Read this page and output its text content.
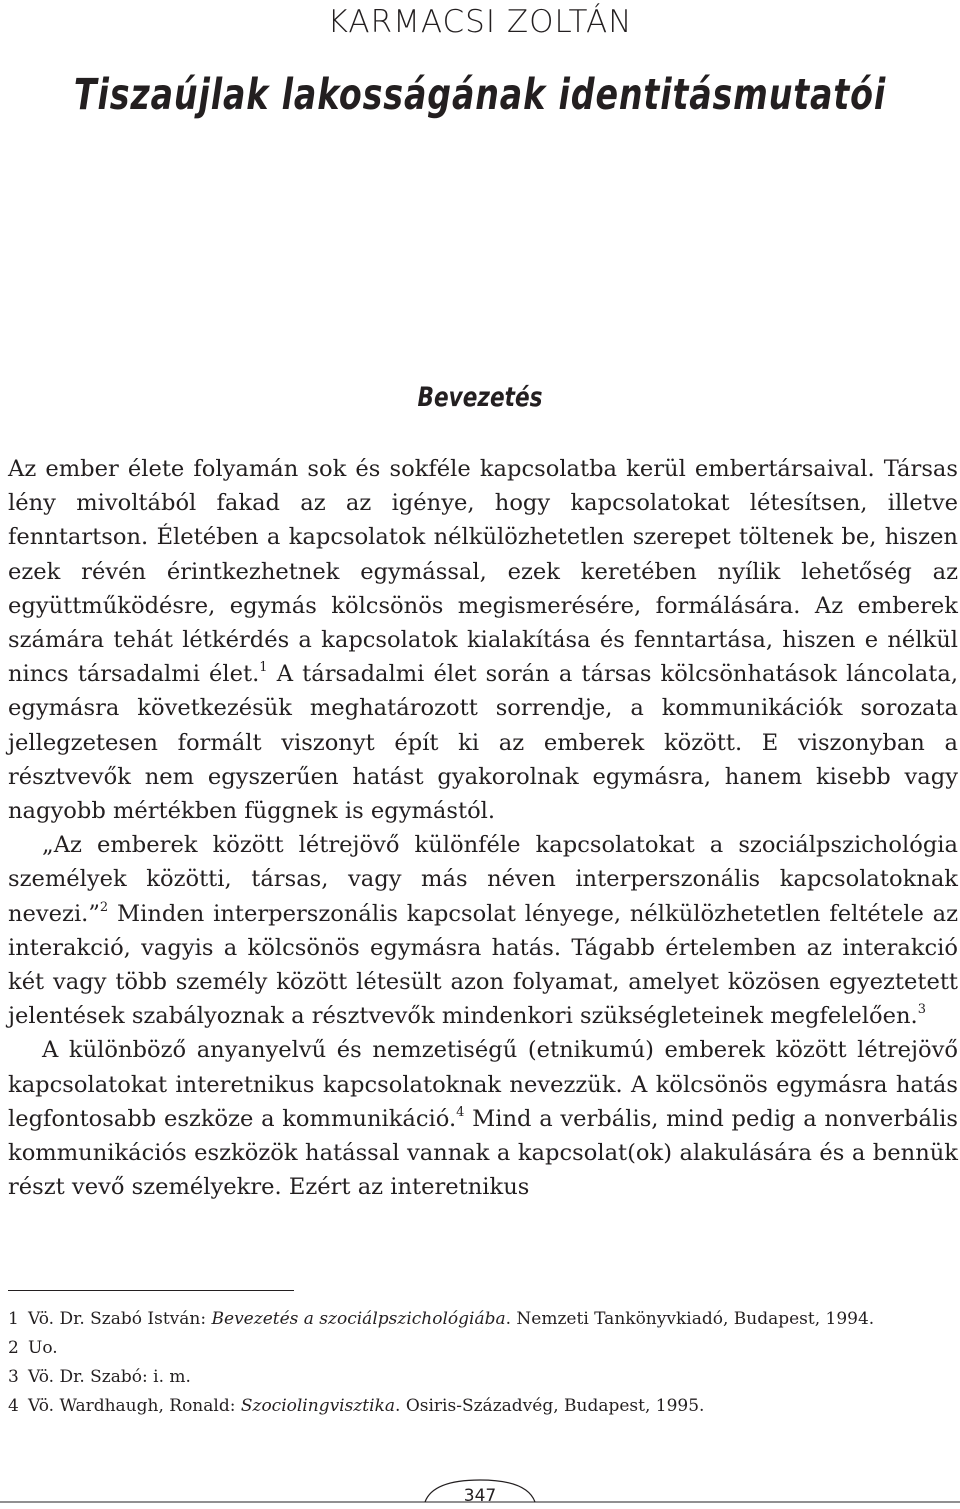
KARMACSI ZOLTÁN
Tiszaújlak lakosságának identitásmutatói
Bevezetés

Az ember élete folyamán sok és sokféle kapcsolatba kerül embertársaival. Társas lény mivoltából fakad az az igénye, hogy kapcsolatokat létesítsen, illetve fenntartson. Életében a kapcsolatok nélkülözhetetlen szerepet töltenek be, hiszen ezek révén érintkezhetnek egymással, ezek keretében nyílik lehetőség az együttműködésre, egymás kölcsönös megismerésére, formálására. Az emberek számára tehát létkérdés a kapcsolatok kialakítása és fenntartása, hiszen e nélkül nincs társadalmi élet.$^1$ A társadalmi élet során a társas kölcsönhatások láncolata, egymásra következésük meghatározott sorrendje, a kommunikációk sorozata jellegzetesen formált viszonyt épít ki az emberek között. E viszonyban a résztvevők nem egyszerűen hatást gyakorolnak egymásra, hanem kisebb vagy nagyobb mértékben függnek is egymástól.

„Az emberek között létrejövő különféle kapcsolatokat a szociálpszichológia személyek közötti, társas, vagy más néven interperszonális kapcsolatoknak nevezi.”$^2$ Minden interperszonális kapcsolat lényege, nélkülözhetetlen feltétele az interakció, vagyis a kölcsönös egymásra hatás. Tágabb értelemben az interakció két vagy több személy között létesült azon folyamat, amelyet közösen egyeztetett jelentések szabályoznak a résztvevők mindenkori szükségleteinek megfelelően.$^3$

A különböző anyanyelvű és nemzetiségű (etnikumú) emberek között létrejövő kapcsolatokat interetnikus kapcsolatoknak nevezzük. A kölcsönös egymásra hatás legfontosabb eszköze a kommunikáció.$^4$ Mind a verbális, mind pedig a nonverbális kommunikációs eszközök hatással vannak a kapcsolat(ok) alakulására és a bennük részt vevő személyekre. Ezért az interetnikus

1 Vö. Dr. Szabó István: Bevezetés a szociálpszichológiába. Nemzeti Tankönyvkiadó, Budapest, 1994.
2 Uo.
3 Vö. Dr. Szabó: i. m.
4 Vö. Wardhaugh, Ronald: Szociolingvisztika. Osiris-Századvég, Budapest, 1995.
347
